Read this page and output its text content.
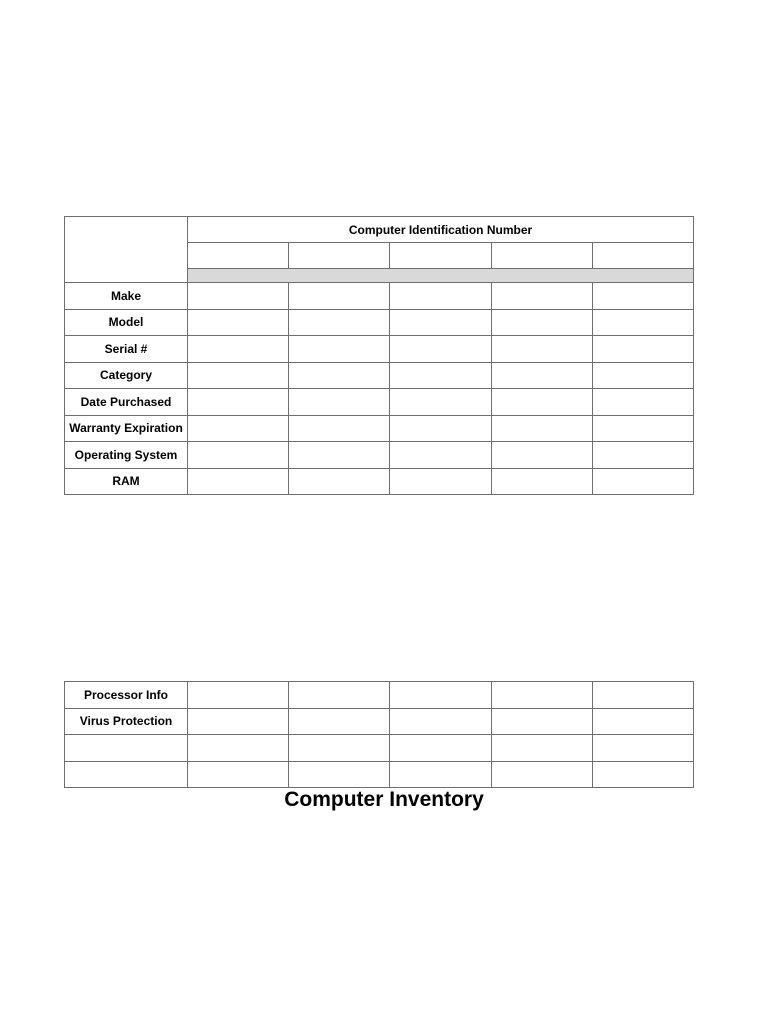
	Computer Identification Number				

Make					
Model					
Serial #					
Category					
Date Purchased					
Warranty Expiration					
Operating System					
RAM					
Processor Info					
Virus Protection					

Computer Inventory
